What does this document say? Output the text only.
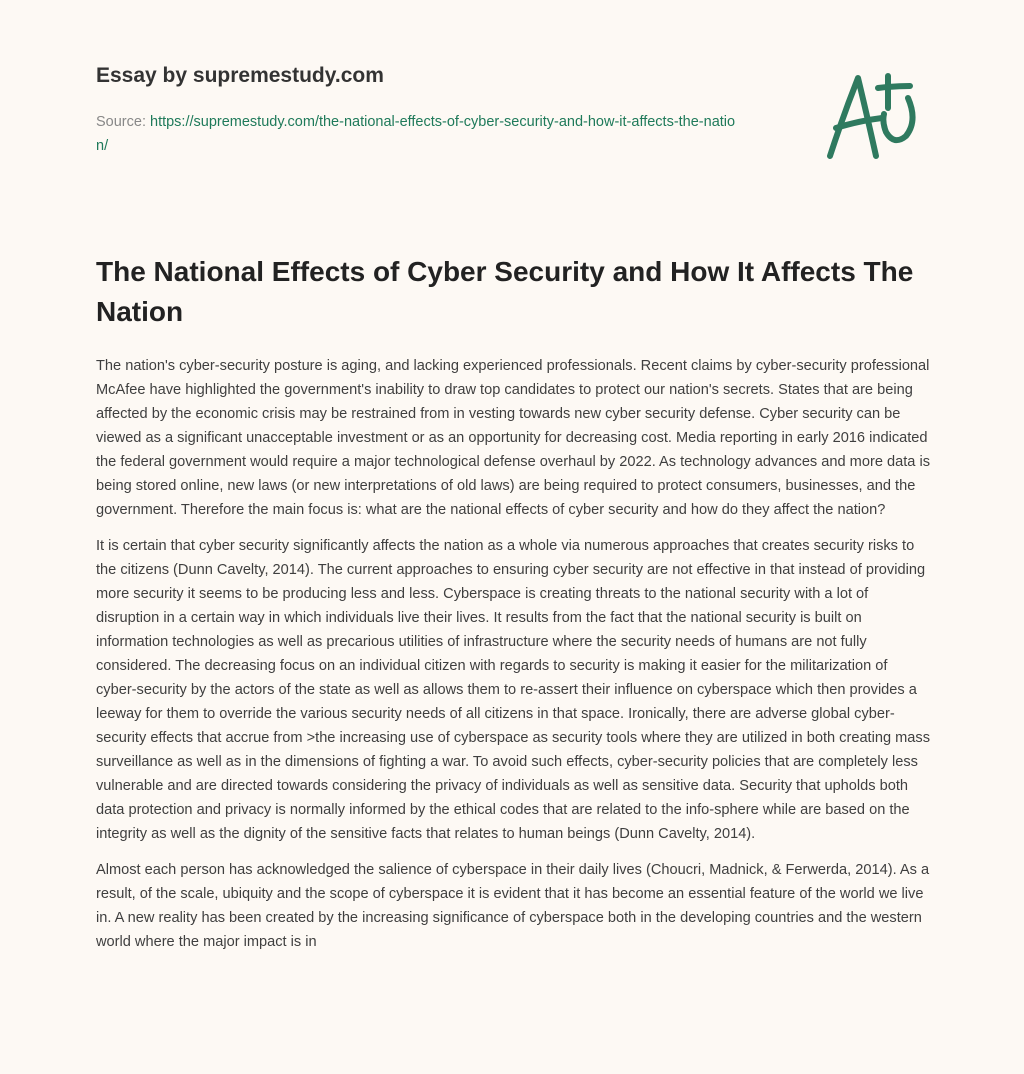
Essay by supremestudy.com
Source: https://supremestudy.com/the-national-effects-of-cyber-security-and-how-it-affects-the-nation/
The National Effects of Cyber Security and How It Affects The Nation

The nation's cyber-security posture is aging, and lacking experienced professionals. Recent claims by cyber-security professional McAfee have highlighted the government's inability to draw top candidates to protect our nation's secrets. States that are being affected by the economic crisis may be restrained from in vesting towards new cyber security defense. Cyber security can be viewed as a significant unacceptable investment or as an opportunity for decreasing cost. Media reporting in early 2016 indicated the federal government would require a major technological defense overhaul by 2022. As technology advances and more data is being stored online, new laws (or new interpretations of old laws) are being required to protect consumers, businesses, and the government. Therefore the main focus is: what are the national effects of cyber security and how do they affect the nation?

It is certain that cyber security significantly affects the nation as a whole via numerous approaches that creates security risks to the citizens (Dunn Cavelty, 2014). The current approaches to ensuring cyber security are not effective in that instead of providing more security it seems to be producing less and less. Cyberspace is creating threats to the national security with a lot of disruption in a certain way in which individuals live their lives. It results from the fact that the national security is built on information technologies as well as precarious utilities of infrastructure where the security needs of humans are not fully considered. The decreasing focus on an individual citizen with regards to security is making it easier for the militarization of cyber-security by the actors of the state as well as allows them to re-assert their influence on cyberspace which then provides a leeway for them to override the various security needs of all citizens in that space. Ironically, there are adverse global cyber-security effects that accrue from >the increasing use of cyberspace as security tools where they are utilized in both creating mass surveillance as well as in the dimensions of fighting a war. To avoid such effects, cyber-security policies that are completely less vulnerable and are directed towards considering the privacy of individuals as well as sensitive data. Security that upholds both data protection and privacy is normally informed by the ethical codes that are related to the info-sphere while are based on the integrity as well as the dignity of the sensitive facts that relates to human beings (Dunn Cavelty, 2014).

Almost each person has acknowledged the salience of cyberspace in their daily lives (Choucri, Madnick, & Ferwerda, 2014). As a result, of the scale, ubiquity and the scope of cyberspace it is evident that it has become an essential feature of the world we live in. A new reality has been created by the increasing significance of cyberspace both in the developing countries and the western world where the major impact is in
